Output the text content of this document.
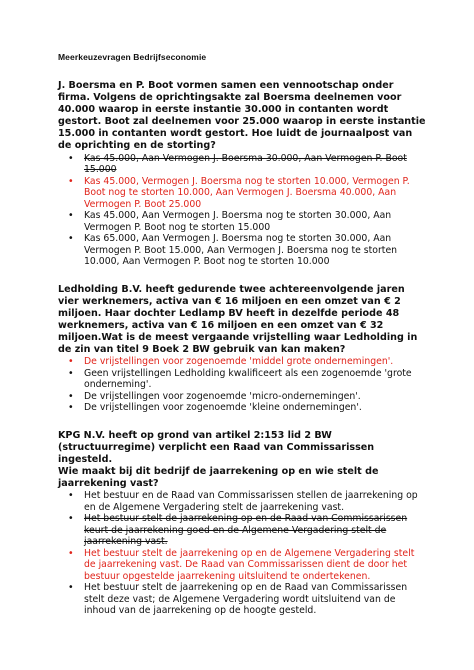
Meerkeuzevragen Bedrijfseconomie

J. Boersma en P. Boot vormen samen een vennootschap onder firma. Volgens de oprichtingsakte zal Boersma deelnemen voor 40.000 waarop in eerste instantie 30.000 in contanten wordt gestort. Boot zal deelnemen voor 25.000 waarop in eerste instantie 15.000 in contanten wordt gestort. Hoe luidt de journaalpost van de oprichting en de storting?

• Kas 45.000, Aan Vermogen J. Boersma 30.000, Aan Vermogen P. Boot 15.000
• Kas 45.000, Vermogen J. Boersma nog te storten 10.000, Vermogen P. Boot nog te storten 10.000, Aan Vermogen J. Boersma 40.000, Aan Vermogen P. Boot 25.000
• Kas 45.000, Aan Vermogen J. Boersma nog te storten 30.000, Aan Vermogen P. Boot nog te storten 15.000
• Kas 65.000, Aan Vermogen J. Boersma nog te storten 30.000, Aan Vermogen P. Boot 15.000, Aan Vermogen J. Boersma nog te storten 10.000, Aan Vermogen P. Boot nog te storten 10.000

Ledholding B.V. heeft gedurende twee achtereenvolgende jaren vier werknemers, activa van € 16 miljoen en een omzet van € 2 miljoen. Haar dochter Ledlamp BV heeft in dezelfde periode 48 werknemers, activa van € 16 miljoen en een omzet van € 32 miljoen.Wat is de meest vergaande vrijstelling waar Ledholding in de zin van titel 9 Boek 2 BW gebruik van kan maken?

• De vrijstellingen voor zogenoemde 'middel grote ondernemingen'.
• Geen vrijstellingen Ledholding kwalificeert als een zogenoemde 'grote onderneming'.
• De vrijstellingen voor zogenoemde 'micro-ondernemingen'.
• De vrijstellingen voor zogenoemde 'kleine ondernemingen'.

KPG N.V. heeft op grond van artikel 2:153 lid 2 BW (structuurregime) verplicht een Raad van Commissarissen ingesteld.
Wie maakt bij dit bedrijf de jaarrekening op en wie stelt de jaarrekening vast?

• Het bestuur en de Raad van Commissarissen stellen de jaarrekening op en de Algemene Vergadering stelt de jaarrekening vast.
• Het bestuur stelt de jaarrekening op en de Raad van Commissarissen keurt de jaarrekening goed en de Algemene Vergadering stelt de jaarrekening vast.
• Het bestuur stelt de jaarrekening op en de Algemene Vergadering stelt de jaarrekening vast. De Raad van Commissarissen dient de door het bestuur opgestelde jaarrekening uitsluitend te ondertekenen.
• Het bestuur stelt de jaarrekening op en de Raad van Commissarissen stelt deze vast; de Algemene Vergadering wordt uitsluitend van de inhoud van de jaarrekening op de hoogte gesteld.
